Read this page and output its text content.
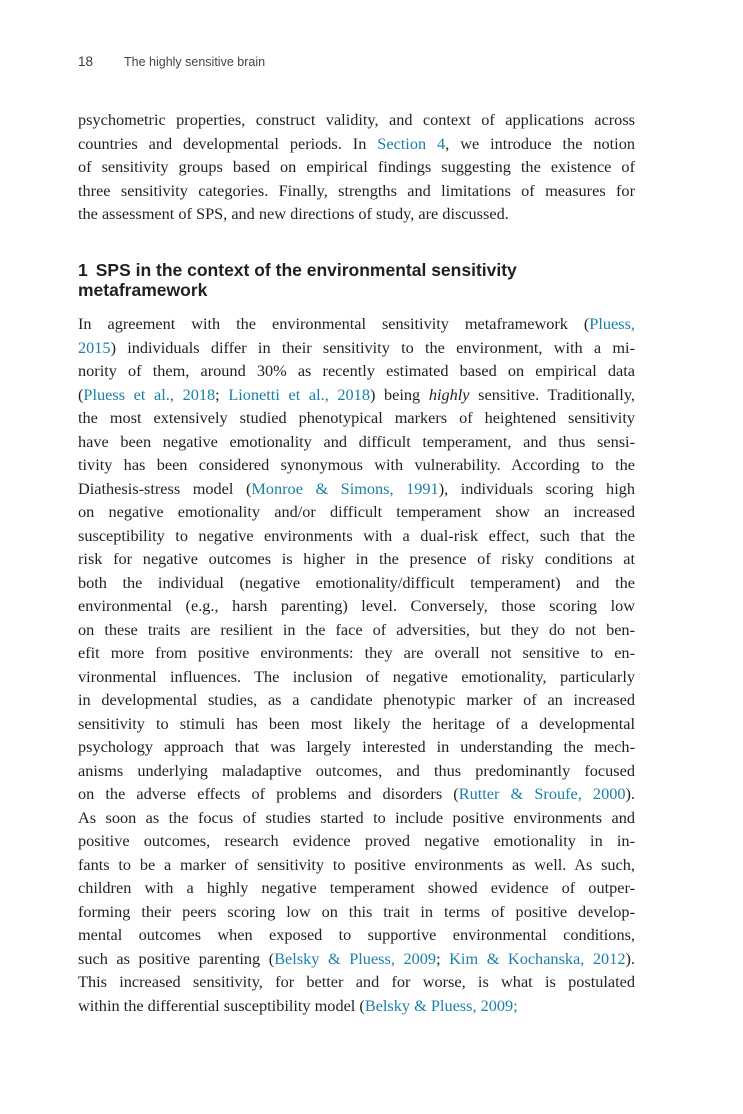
18 The highly sensitive brain
psychometric properties, construct validity, and context of applications across
countries and developmental periods. In Section 4, we introduce the notion
of sensitivity groups based on empirical findings suggesting the existence of
three sensitivity categories. Finally, strengths and limitations of measures for
the assessment of SPS, and new directions of study, are discussed.
1 SPS in the context of the environmental sensitivity
metaframework
In agreement with the environmental sensitivity metaframework (Pluess,
2015) individuals differ in their sensitivity to the environment, with a mi-
nority of them, around 30% as recently estimated based on empirical data
(Pluess et al., 2018; Lionetti et al., 2018) being highly sensitive. Traditionally,
the most extensively studied phenotypical markers of heightened sensitivity
have been negative emotionality and difficult temperament, and thus sensi-
tivity has been considered synonymous with vulnerability. According to the
Diathesis-stress model (Monroe & Simons, 1991), individuals scoring high
on negative emotionality and/or difficult temperament show an increased
susceptibility to negative environments with a dual-risk effect, such that the
risk for negative outcomes is higher in the presence of risky conditions at
both the individual (negative emotionality/difficult temperament) and the
environmental (e.g., harsh parenting) level. Conversely, those scoring low
on these traits are resilient in the face of adversities, but they do not ben-
efit more from positive environments: they are overall not sensitive to en-
vironmental influences. The inclusion of negative emotionality, particularly
in developmental studies, as a candidate phenotypic marker of an increased
sensitivity to stimuli has been most likely the heritage of a developmental
psychology approach that was largely interested in understanding the mech-
anisms underlying maladaptive outcomes, and thus predominantly focused
on the adverse effects of problems and disorders (Rutter & Sroufe, 2000).
As soon as the focus of studies started to include positive environments and
positive outcomes, research evidence proved negative emotionality in in-
fants to be a marker of sensitivity to positive environments as well. As such,
children with a highly negative temperament showed evidence of outper-
forming their peers scoring low on this trait in terms of positive develop-
mental outcomes when exposed to supportive environmental conditions,
such as positive parenting (Belsky & Pluess, 2009; Kim & Kochanska, 2012).
This increased sensitivity, for better and for worse, is what is postulated
within the differential susceptibility model (Belsky & Pluess, 2009;
